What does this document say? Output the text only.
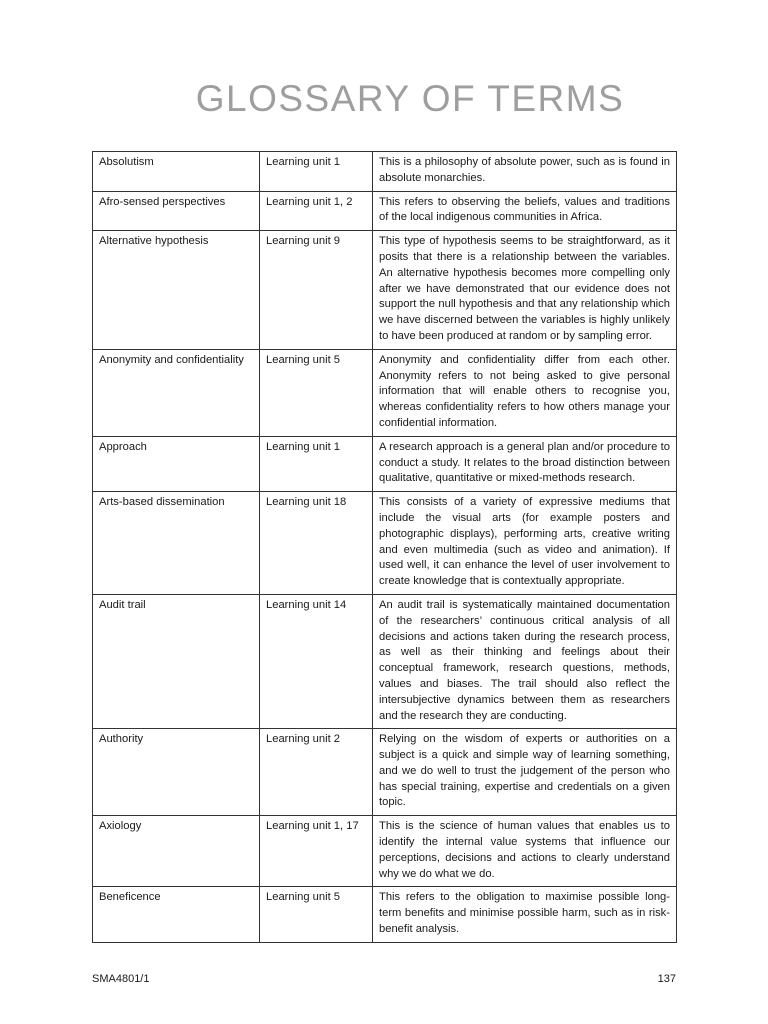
GLOSSARY OF TERMS
Absolutism	Learning unit 1	This is a philosophy of absolute power, such as is found in absolute monarchies.
Afro-sensed perspectives	Learning unit 1, 2	This refers to observing the beliefs, values and traditions of the local indigenous communities in Africa.
Alternative hypothesis	Learning unit 9	This type of hypothesis seems to be straightforward, as it posits that there is a relationship between the variables. An alternative hypothesis becomes more compelling only after we have demonstrated that our evidence does not support the null hypothesis and that any relationship which we have discerned between the variables is highly unlikely to have been produced at random or by sampling error.
Anonymity and confidentiality	Learning unit 5	Anonymity and confidentiality differ from each other. Anonymity refers to not being asked to give personal information that will enable others to recognise you, whereas confidentiality refers to how others manage your confidential information.
Approach	Learning unit 1	A research approach is a general plan and/or procedure to conduct a study. It relates to the broad distinction between qualitative, quantitative or mixed-methods research.
Arts-based dissemination	Learning unit 18	This consists of a variety of expressive mediums that include the visual arts (for example posters and photographic displays), performing arts, creative writing and even multimedia (such as video and animation). If used well, it can enhance the level of user involvement to create knowledge that is contextually appropriate.
Audit trail	Learning unit 14	An audit trail is systematically maintained documentation of the researchers’ continuous critical analysis of all decisions and actions taken during the research process, as well as their thinking and feelings about their conceptual framework, research questions, methods, values and biases. The trail should also reflect the intersubjective dynamics between them as researchers and the research they are conducting.
Authority	Learning unit 2	Relying on the wisdom of experts or authorities on a subject is a quick and simple way of learning something, and we do well to trust the judgement of the person who has special training, expertise and credentials on a given topic.
Axiology	Learning unit 1, 17	This is the science of human values that enables us to identify the internal value systems that influence our perceptions, decisions and actions to clearly understand why we do what we do.
Beneficence	Learning unit 5	This refers to the obligation to maximise possible long-term benefits and minimise possible harm, such as in risk-benefit analysis.
SMA4801/1	137
